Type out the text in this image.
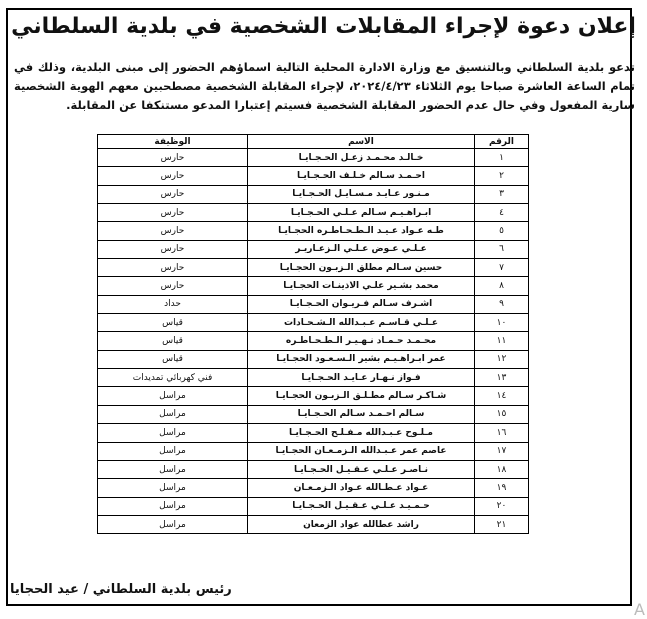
إعلان دعوة لإجراء المقابلات الشخصية في بلدية السلطاني
تدعو بلدية السلطاني وبالتنسيق مع وزارة الادارة المحلية التالية اسماؤهم الحضور إلى مبنى البلدية، وذلك في تمام الساعة العاشرة صباحا يوم الثلاثاء ٢٠٢٤/٤/٢٣، لإجراء المقابلة الشخصية مصطحبين معهم الهوية الشخصية سارية المفعول وفي حال عدم الحضور المقابلة الشخصية فسيتم إعتبارا المدعو مستنكفا عن المقابلة.
الرقم	الاسم	الوظيفة
١	خـالـد محـمـد زعـل الحـجـايـا	حارس
٢	احـمـد سـالم خـلـف الحـجـايـا	حارس
٣	مـنـور عـايـد مـسـايـل الحـجـايـا	حارس
٤	ابـراهـيـم سـالم عـلـي الحـجـايـا	حارس
٥	طـه عـواد عـيـد الـطـحـاطـره الحجـايـا	حارس
٦	عـلـي عـوض عـلـي الـزعـاريـر	حارس
٧	حسين سـالم مطلق الـزبـون الحجـايـا	حارس
٨	محمد بشـير علـي الاذينـات الحجـايـا	حارس
٩	اشـرف سـالم فـريـوان الحـجـايـا	حداد
١٠	عـلـي قـاسـم عـبـدالله الـشـحـادات	قياس
١١	محـمـد حـمـاد نـهـيـر الـطـحـاطـره	قياس
١٢	عمر ابـراهـيـم بشير الـسـعـود الحجـايـا	قياس
١٣	فـواز نـهـار عـايـد الحـجـايـا	فني كهربائي تمديدات
١٤	شـاكـر سـالم مطـلـق الـزبـون الحجـايـا	مراسل
١٥	سـالم احـمـد سـالم الحـجـايـا	مراسل
١٦	مـلـوح عـبـدالله مـفـلـح الحـجـايـا	مراسل
١٧	عاصم عمر عـبـدالله الـزمـعـان الحجـايـا	مراسل
١٨	نـاصـر عـلـي عـقـيـل الحـجـايـا	مراسل
١٩	عـواد عـطـالله عـواد الـزمـعـان	مراسل
٢٠	حـمـيـد عـلـي عـقـيـل الحـجـايـا	مراسل
٢١	راشد عطالله عواد الزمعان	مراسل
رئيس بلدية السلطاني / عيد الحجايا
A
